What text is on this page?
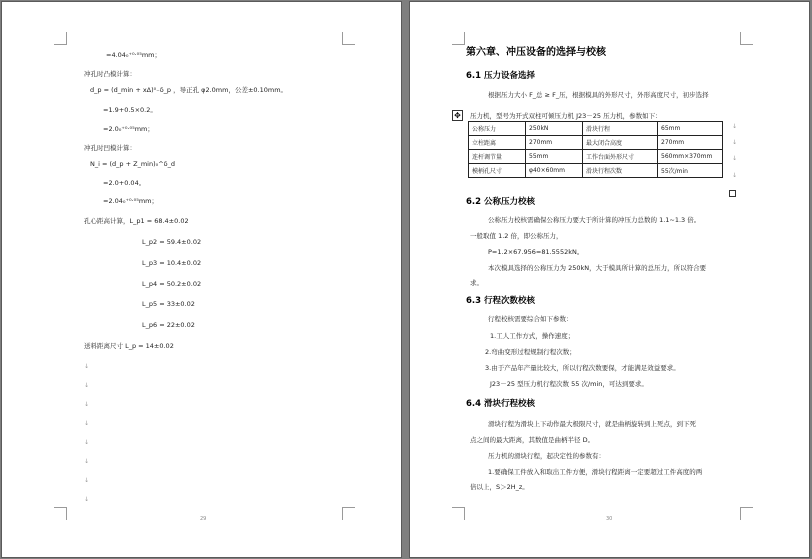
=4.04₀⁺⁰·⁰⁵mm；
冲孔时凸模计算：
d_p = (d_min + xΔ)⁰₋δ_p ，导正孔 φ2.0mm，公差±0.10mm。
=1.9+0.5×0.2。
=2.0₀⁺⁰·⁰⁵mm；
冲孔时凹模计算：
N_i = (d_p + Z_min)₀^δ_d
=2.0+0.04。
=2.04₀⁺⁰·⁰⁵mm；
孔心距高计算，L_p1 = 68.4±0.02
L_p2 = 59.4±0.02
L_p3 = 10.4±0.02
L_p4 = 50.2±0.02
L_p5 = 33±0.02
L_p6 = 22±0.02
送料距离尺寸 L_p = 14±0.02
↓
↓
↓
↓
↓
↓
↓
↓
29
第六章、冲压设备的选择与校核
6.1 压力设备选择
根据压力大小 F_总 ≥ F_压，根据模具的外形尺寸，外形高度尺寸，初步选择
压力机，型号为开式双柱可倾压力机 J23－25 压力机，参数如下：
✥
公称压力	250kN	滑块行程	65mm
立柱距离	270mm	最大闭合高度	270mm
连杆调节量	55mm	工作台面外形尺寸	560mm×370mm
模柄孔尺寸	φ40×60mm	滑块行程次数	55次/min
↓
↓
↓
↓
6.2 公称压力校核
公称压力校核需确保公称压力要大于所计算的冲压力总数的 1.1~1.3 倍。
一般取值 1.2 倍，即公称压力，
P=1.2×67.956=81.5552kN。
本次模具选择的公称压力为 250kN，大于模具所计算的总压力，所以符合要
求。
6.3 行程次数校核
行程校核需要综合如下参数：
1.工人工作方式，操作速度；
2.弯曲变形过程规制行程次数；
3.由于产品年产量比较大，所以行程次数要保，才能满足效益要求。
J23－25 型压力机行程次数 55 次/min，可达到要求。
6.4 滑块行程校核
滑块行程为滑块上下动作最大极限尺寸，就是曲柄旋转到上死点，到下死
点之间的最大距离，其数值是曲柄半径 D。
压力机的滑块行程，起决定性的参数有：
1.要确保工件放入和取出工件方便，滑块行程距离一定要超过工件高度的两
倍以上，S＞2H_z。
30
